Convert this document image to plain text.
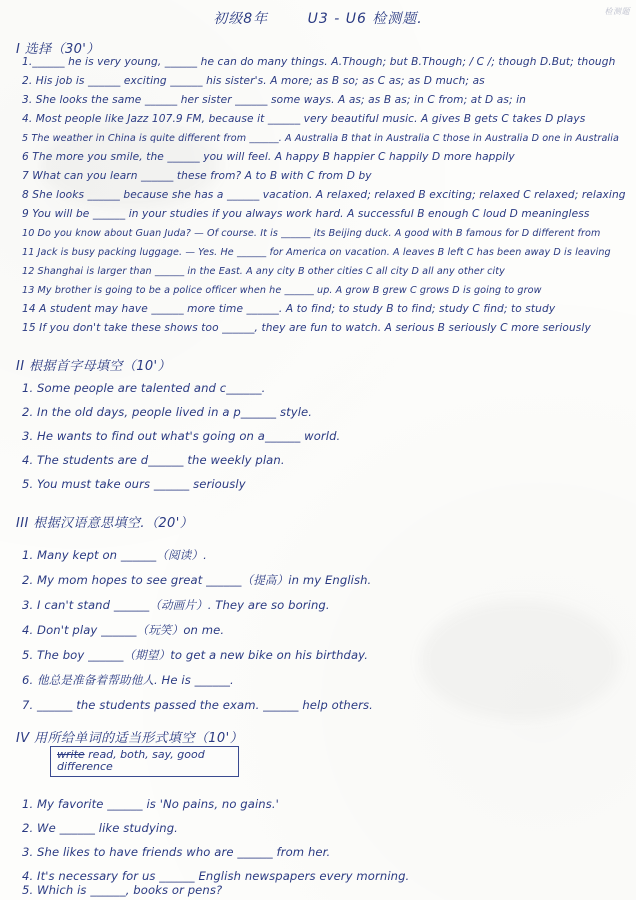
检测题
初级8年	U3 - U6 检测题.
I 选择（30'）
1.______ he is very young, ______ he can do many things. A.Though; but B.Though; / C /; though D.But; though
2. His job is ______ exciting ______ his sister's. A more; as B so; as C as; as D much; as
3. She looks the same ______ her sister ______ some ways. A as; as B as; in C from; at D as; in
4. Most people like Jazz 107.9 FM, because it ______ very beautiful music. A gives B gets C takes D plays
5 The weather in China is quite different from ______. A Australia B that in Australia C those in Australia D one in Australia
6 The more you smile, the ______ you will feel. A happy B happier C happily D more happily
7 What can you learn ______ these from? A to B with C from D by
8 She looks ______ because she has a ______ vacation. A relaxed; relaxed B exciting; relaxed C relaxed; relaxing
9 You will be ______ in your studies if you always work hard. A successful B enough C loud D meaningless
10 Do you know about Guan Juda? — Of course. It is ______ its Beijing duck. A good with B famous for D different from
11 Jack is busy packing luggage. — Yes. He ______ for America on vacation. A leaves B left C has been away D is leaving
12 Shanghai is larger than ______ in the East. A any city B other cities C all city D all any other city
13 My brother is going to be a police officer when he ______ up. A grow B grew C grows D is going to grow
14 A student may have ______ more time ______. A to find; to study B to find; study C find; to study
15 If you don't take these shows too ______, they are fun to watch. A serious B seriously C more seriously
II 根据首字母填空（10'）
1. Some people are talented and c______.
2. In the old days, people lived in a p______ style.
3. He wants to find out what's going on a______ world.
4. The students are d______ the weekly plan.
5. You must take ours ______ seriously
III 根据汉语意思填空.（20'）
1. Many kept on ______（阅读）.
2. My mom hopes to see great ______（提高）in my English.
3. I can't stand ______（动画片）. They are so boring.
4. Don't play ______（玩笑）on me.
5. The boy ______（期望）to get a new bike on his birthday.
6. 他总是准备着帮助他人. He is ______.
7. ______ the students passed the exam. ______ help others.
IV 用所给单词的适当形式填空（10'）
write read, both, say, good
difference
1. My favorite ______ is 'No pains, no gains.'
2. We ______ like studying.
3. She likes to have friends who are ______ from her.
4. It's necessary for us ______ English newspapers every morning.
5. Which is ______, books or pens?
